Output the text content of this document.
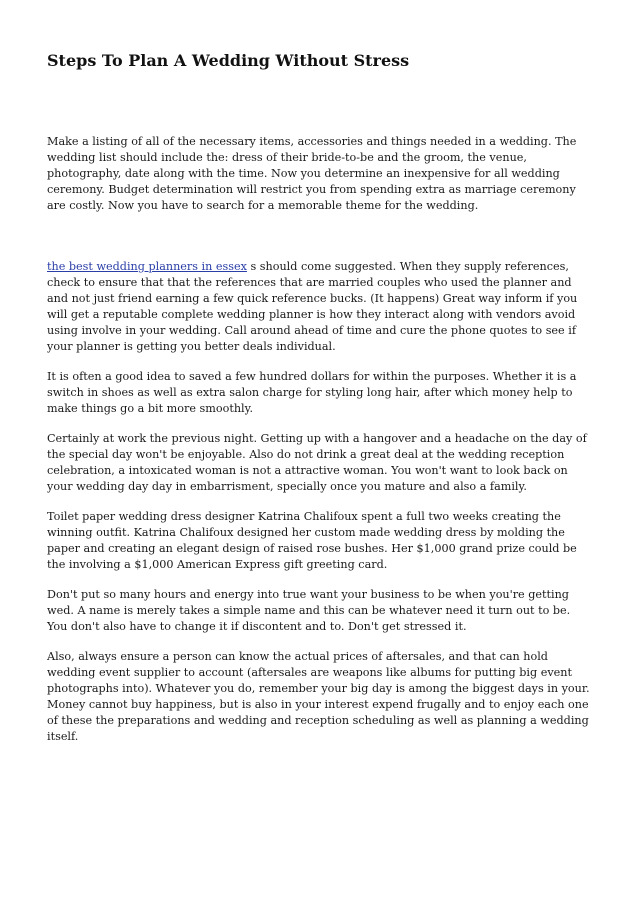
Steps To Plan A Wedding Without Stress

Make a listing of all of the necessary items, accessories and things needed in a wedding. The wedding list should include the: dress of their bride-to-be and the groom, the venue, photography, date along with the time. Now you determine an inexpensive for all wedding ceremony. Budget determination will restrict you from spending extra as marriage ceremony are costly. Now you have to search for a memorable theme for the wedding.

the best wedding planners in essex s should come suggested. When they supply references, check to ensure that that the references that are married couples who used the planner and and not just friend earning a few quick reference bucks. (It happens) Great way inform if you will get a reputable complete wedding planner is how they interact along with vendors avoid using involve in your wedding. Call around ahead of time and cure the phone quotes to see if your planner is getting you better deals individual.

It is often a good idea to saved a few hundred dollars for within the purposes. Whether it is a switch in shoes as well as extra salon charge for styling long hair, after which money help to make things go a bit more smoothly.

Certainly at work the previous night. Getting up with a hangover and a headache on the day of the special day won't be enjoyable. Also do not drink a great deal at the wedding reception celebration, a intoxicated woman is not a attractive woman. You won't want to look back on your wedding day day in embarrisment, specially once you mature and also a family.

Toilet paper wedding dress designer Katrina Chalifoux spent a full two weeks creating the winning outfit. Katrina Chalifoux designed her custom made wedding dress by molding the paper and creating an elegant design of raised rose bushes. Her $1,000 grand prize could be the involving a $1,000 American Express gift greeting card.

Don't put so many hours and energy into true want your business to be when you're getting wed. A name is merely takes a simple name and this can be whatever need it turn out to be. You don't also have to change it if discontent and to. Don't get stressed it.

Also, always ensure a person can know the actual prices of aftersales, and that can hold wedding event supplier to account (aftersales are weapons like albums for putting big event photographs into). Whatever you do, remember your big day is among the biggest days in your. Money cannot buy happiness, but is also in your interest expend frugally and to enjoy each one of these the preparations and wedding and reception scheduling as well as planning a wedding itself.
